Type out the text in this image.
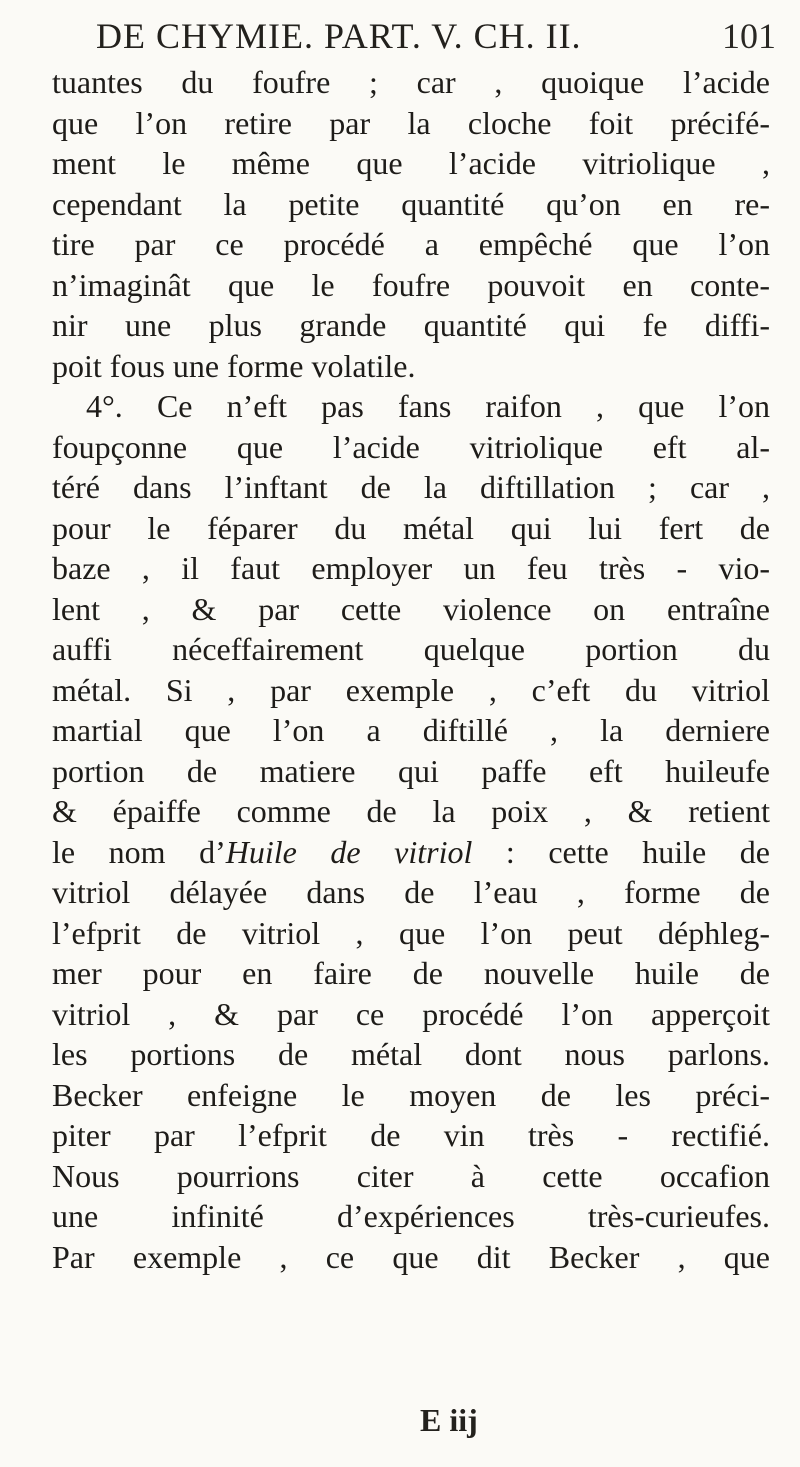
DE CHYMIE. PART. V. CH. II.	101
tuantes du foufre ; car , quoique l’acide
que l’on retire par la cloche foit précifé-
ment le même que l’acide vitriolique ,
cependant la petite quantité qu’on en re-
tire par ce procédé a empêché que l’on
n’imaginât que le foufre pouvoit en conte-
nir une plus grande quantité qui fe diffi-
poit fous une forme volatile.
4°. Ce n’eft pas fans raifon , que l’on
foupçonne que l’acide vitriolique eft al-
téré dans l’inftant de la diftillation ; car ,
pour le féparer du métal qui lui fert de
baze , il faut employer un feu très - vio-
lent , & par cette violence on entraîne
auffi néceffairement quelque portion du
métal. Si , par exemple , c’eft du vitriol
martial que l’on a diftillé , la derniere
portion de matiere qui paffe eft huileufe
& épaiffe comme de la poix , & retient
le nom d’Huile de vitriol : cette huile de
vitriol délayée dans de l’eau , forme de
l’efprit de vitriol , que l’on peut déphleg-
mer pour en faire de nouvelle huile de
vitriol , & par ce procédé l’on apperçoit
les portions de métal dont nous parlons.
Becker enfeigne le moyen de les préci-
piter par l’efprit de vin très - rectifié.
Nous pourrions citer à cette occafion
une infinité d’expériences très-curieufes.
Par exemple , ce que dit Becker , que
E iij
